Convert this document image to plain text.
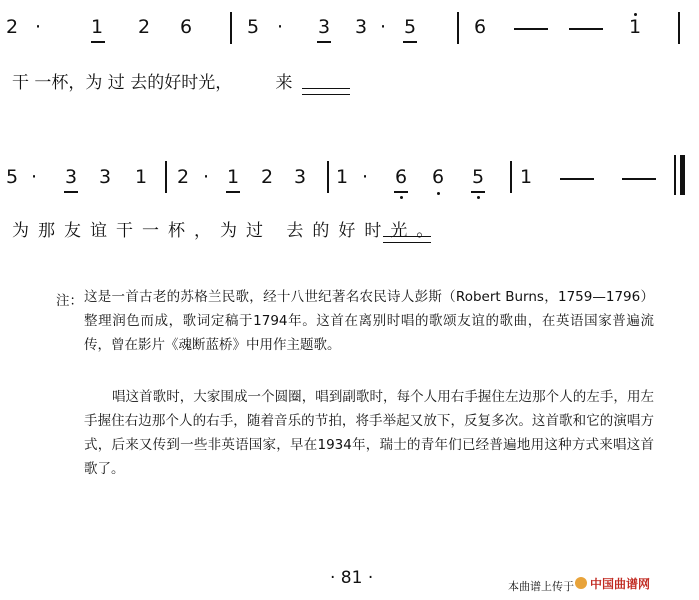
2 ·	1 2 6	5 ·	3 3 · 5	6	1
干 一杯，为 过 去的好时光，        来
5 ·	3 3 1 2 · 1 2 3 1 ·	6 6 5 1
为那友谊干一杯，为过 去的好时光。
注： 这是一首古老的苏格兰民歌，经十八世纪著名农民诗人彭斯（Robert Burns，1759—1796）整理润色而成，歌词定稿于1794年。这首在离别时唱的歌颂友谊的歌曲，在英语国家普遍流传，曾在影片《魂断蓝桥》中用作主题歌。
唱这首歌时，大家围成一个圆圈，唱到副歌时，每个人用右手握住左边那个人的左手，用左手握住右边那个人的右手，随着音乐的节拍，将手举起又放下，反复多次。这首歌和它的演唱方式，后来又传到一些非英语国家，早在1934年，瑞士的青年们已经普遍地用这种方式来唱这首歌了。
· 81 ·	本曲谱上传于 中国曲谱网
